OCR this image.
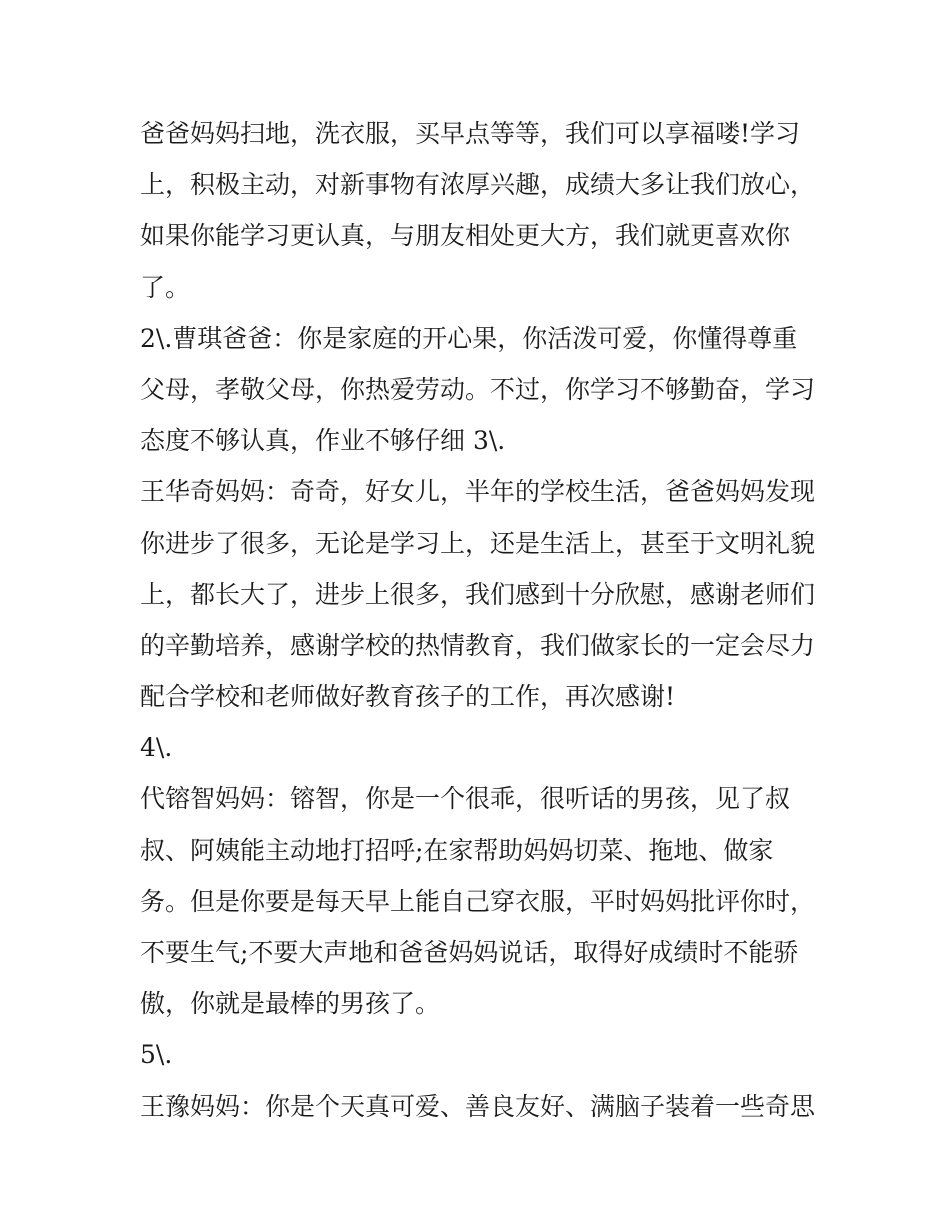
爸爸妈妈扫地，洗衣服，买早点等等，我们可以享福喽!学习
上，积极主动，对新事物有浓厚兴趣，成绩大多让我们放心，
如果你能学习更认真，与朋友相处更大方，我们就更喜欢你
了。
2\.曹琪爸爸：你是家庭的开心果，你活泼可爱，你懂得尊重
父母，孝敬父母，你热爱劳动。不过，你学习不够勤奋，学习
态度不够认真，作业不够仔细 3\.
王华奇妈妈：奇奇，好女儿，半年的学校生活，爸爸妈妈发现
你进步了很多，无论是学习上，还是生活上，甚至于文明礼貌
上，都长大了，进步上很多，我们感到十分欣慰，感谢老师们
的辛勤培养，感谢学校的热情教育，我们做家长的一定会尽力
配合学校和老师做好教育孩子的工作，再次感谢!
4\.
代镕智妈妈：镕智，你是一个很乖，很听话的男孩，见了叔
叔、阿姨能主动地打招呼;在家帮助妈妈切菜、拖地、做家
务。但是你要是每天早上能自己穿衣服，平时妈妈批评你时，
不要生气;不要大声地和爸爸妈妈说话，取得好成绩时不能骄
傲，你就是最棒的男孩了。
5\.
王豫妈妈：你是个天真可爱、善良友好、满脑子装着一些奇思
